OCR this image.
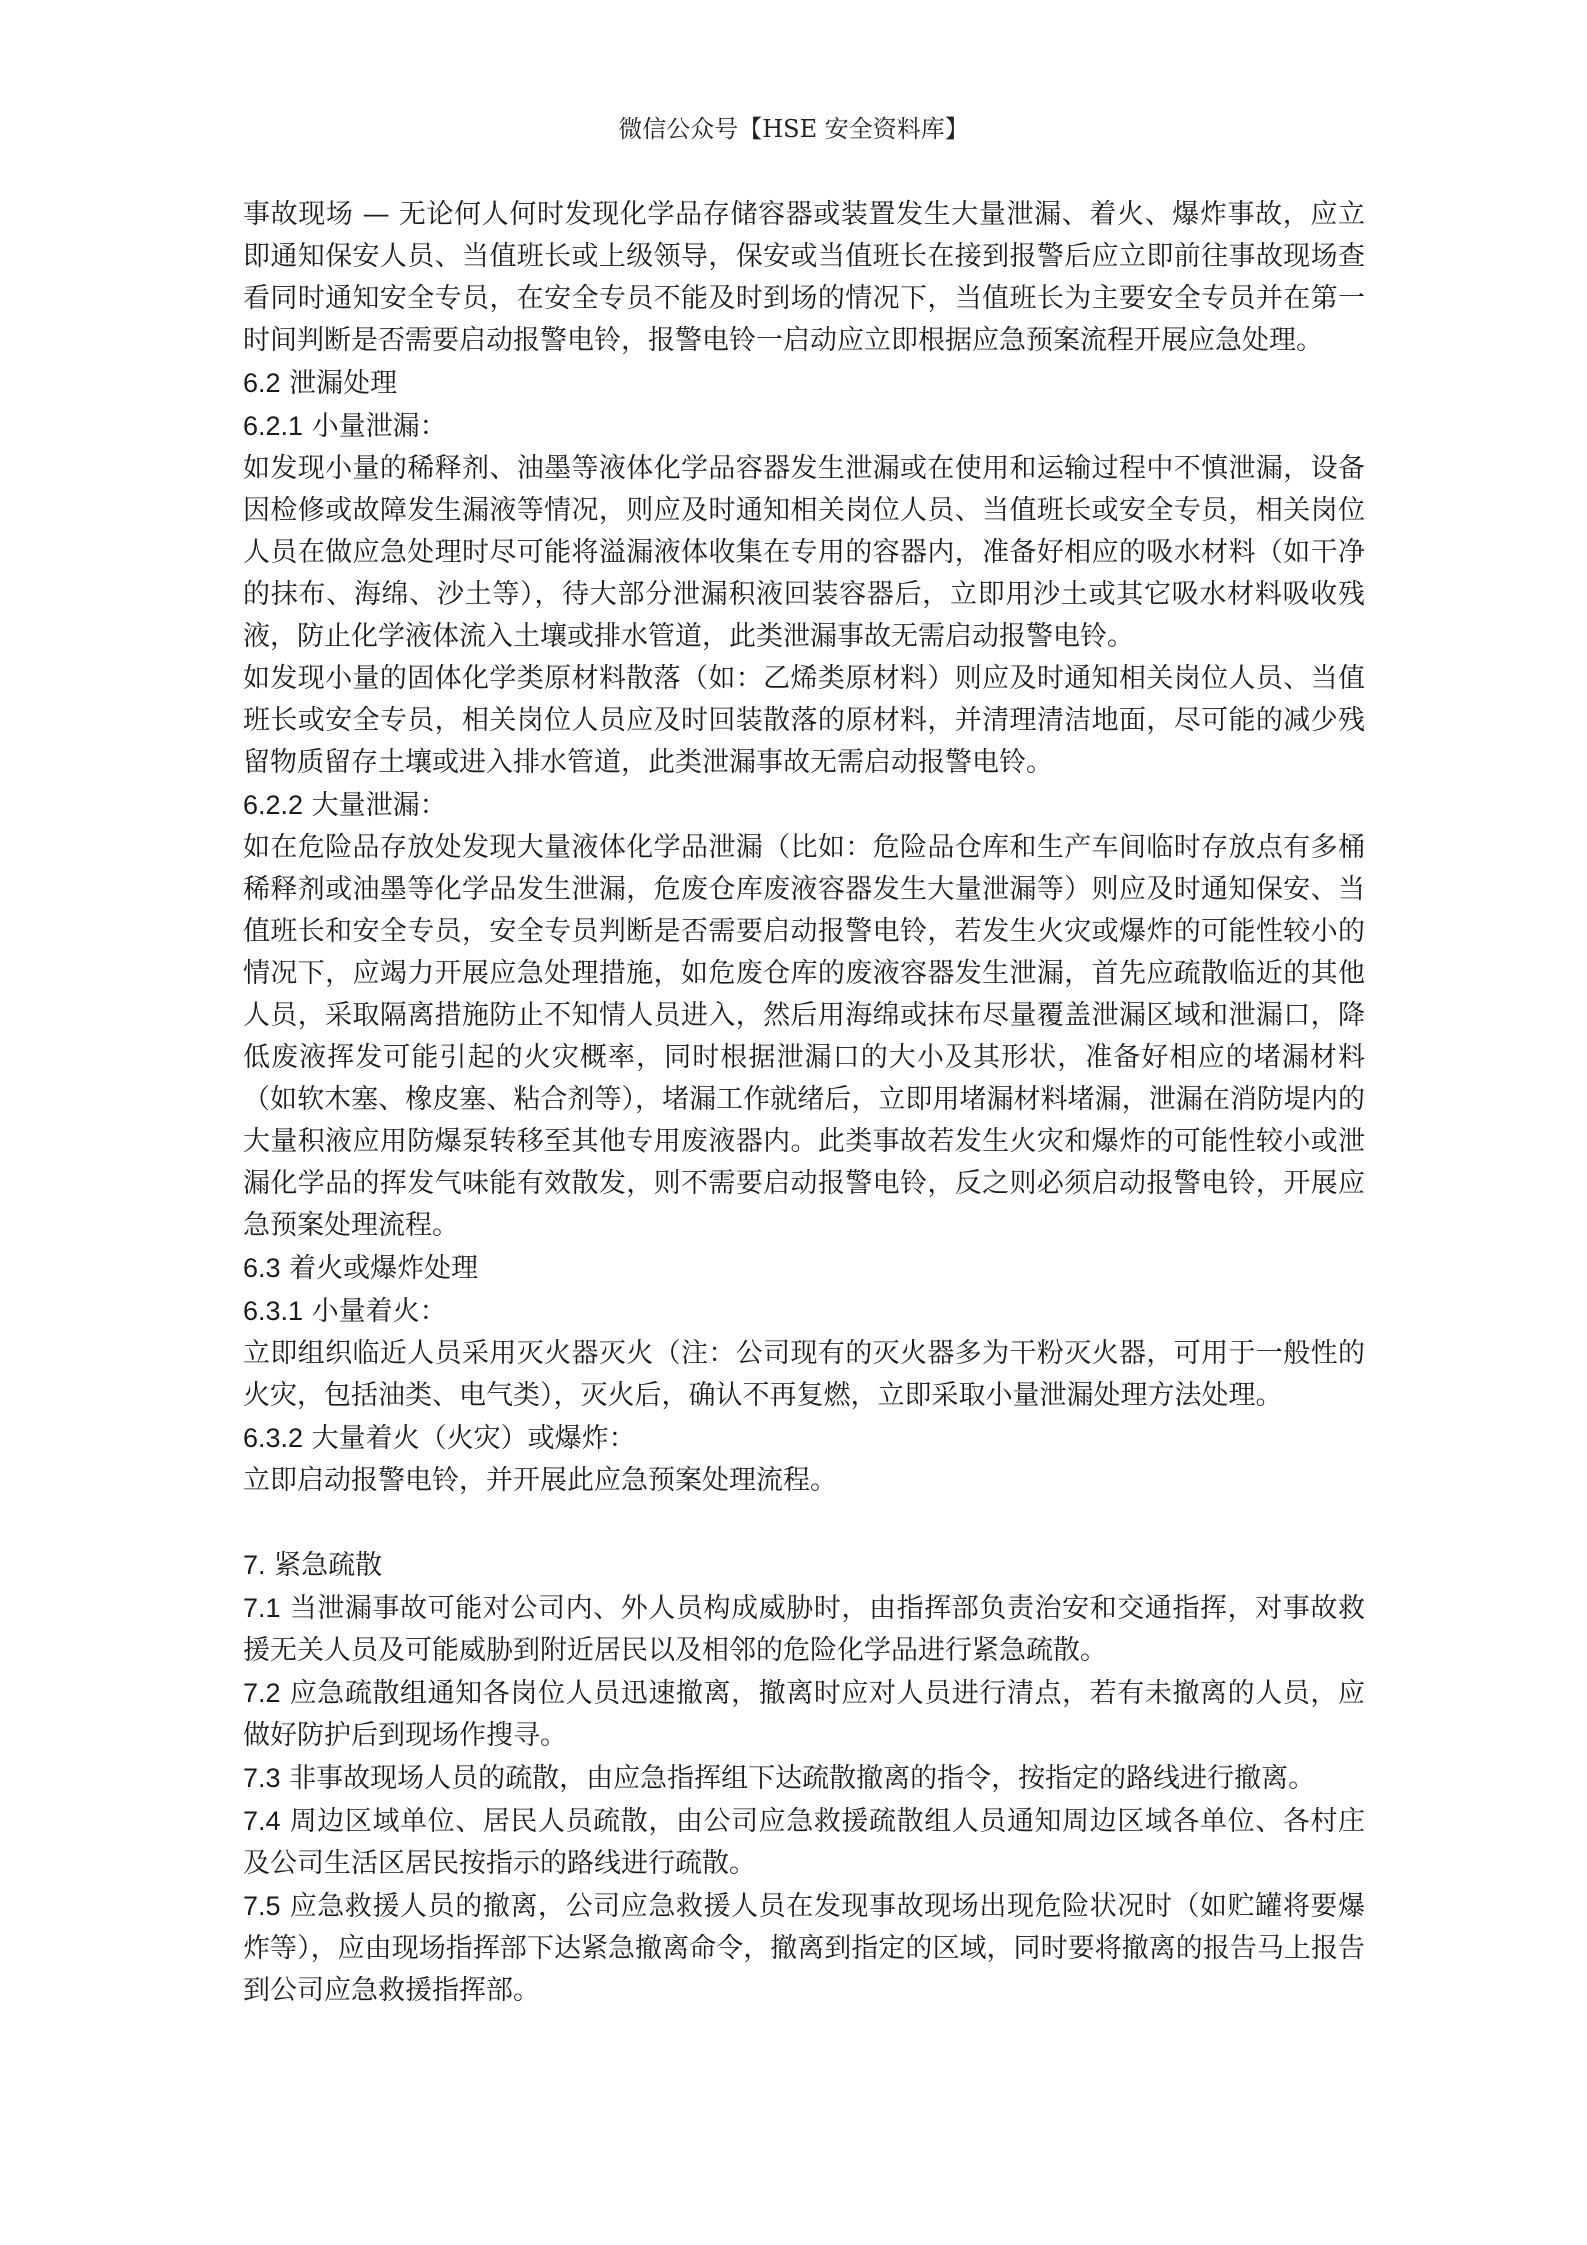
微信公众号【HSE 安全资料库】

事故现场 — 无论何人何时发现化学品存储容器或装置发生大量泄漏、着火、爆炸事故，应立即通知保安人员、当值班长或上级领导，保安或当值班长在接到报警后应立即前往事故现场查看同时通知安全专员，在安全专员不能及时到场的情况下，当值班长为主要安全专员并在第一时间判断是否需要启动报警电铃，报警电铃一启动应立即根据应急预案流程开展应急处理。

6.2 泄漏处理

6.2.1 小量泄漏：

如发现小量的稀释剂、油墨等液体化学品容器发生泄漏或在使用和运输过程中不慎泄漏，设备因检修或故障发生漏液等情况，则应及时通知相关岗位人员、当值班长或安全专员，相关岗位人员在做应急处理时尽可能将溢漏液体收集在专用的容器内，准备好相应的吸水材料（如干净的抹布、海绵、沙土等），待大部分泄漏积液回装容器后，立即用沙土或其它吸水材料吸收残液，防止化学液体流入土壤或排水管道，此类泄漏事故无需启动报警电铃。

如发现小量的固体化学类原材料散落（如：乙烯类原材料）则应及时通知相关岗位人员、当值班长或安全专员，相关岗位人员应及时回装散落的原材料，并清理清洁地面，尽可能的减少残留物质留存土壤或进入排水管道，此类泄漏事故无需启动报警电铃。

6.2.2 大量泄漏：

如在危险品存放处发现大量液体化学品泄漏（比如：危险品仓库和生产车间临时存放点有多桶稀释剂或油墨等化学品发生泄漏，危废仓库废液容器发生大量泄漏等）则应及时通知保安、当值班长和安全专员，安全专员判断是否需要启动报警电铃，若发生火灾或爆炸的可能性较小的情况下，应竭力开展应急处理措施，如危废仓库的废液容器发生泄漏，首先应疏散临近的其他人员，采取隔离措施防止不知情人员进入，然后用海绵或抹布尽量覆盖泄漏区域和泄漏口，降低废液挥发可能引起的火灾概率，同时根据泄漏口的大小及其形状，准备好相应的堵漏材料（如软木塞、橡皮塞、粘合剂等），堵漏工作就绪后，立即用堵漏材料堵漏，泄漏在消防堤内的大量积液应用防爆泵转移至其他专用废液器内。此类事故若发生火灾和爆炸的可能性较小或泄漏化学品的挥发气味能有效散发，则不需要启动报警电铃，反之则必须启动报警电铃，开展应急预案处理流程。

6.3 着火或爆炸处理

6.3.1 小量着火：

立即组织临近人员采用灭火器灭火（注：公司现有的灭火器多为干粉灭火器，可用于一般性的火灾，包括油类、电气类），灭火后，确认不再复燃，立即采取小量泄漏处理方法处理。

6.3.2 大量着火（火灾）或爆炸：

立即启动报警电铃，并开展此应急预案处理流程。

7. 紧急疏散

7.1 当泄漏事故可能对公司内、外人员构成威胁时，由指挥部负责治安和交通指挥，对事故救援无关人员及可能威胁到附近居民以及相邻的危险化学品进行紧急疏散。

7.2 应急疏散组通知各岗位人员迅速撤离，撤离时应对人员进行清点，若有未撤离的人员，应做好防护后到现场作搜寻。

7.3 非事故现场人员的疏散，由应急指挥组下达疏散撤离的指令，按指定的路线进行撤离。

7.4 周边区域单位、居民人员疏散，由公司应急救援疏散组人员通知周边区域各单位、各村庄及公司生活区居民按指示的路线进行疏散。

7.5 应急救援人员的撤离，公司应急救援人员在发现事故现场出现危险状况时（如贮罐将要爆炸等），应由现场指挥部下达紧急撤离命令，撤离到指定的区域，同时要将撤离的报告马上报告到公司应急救援指挥部。
